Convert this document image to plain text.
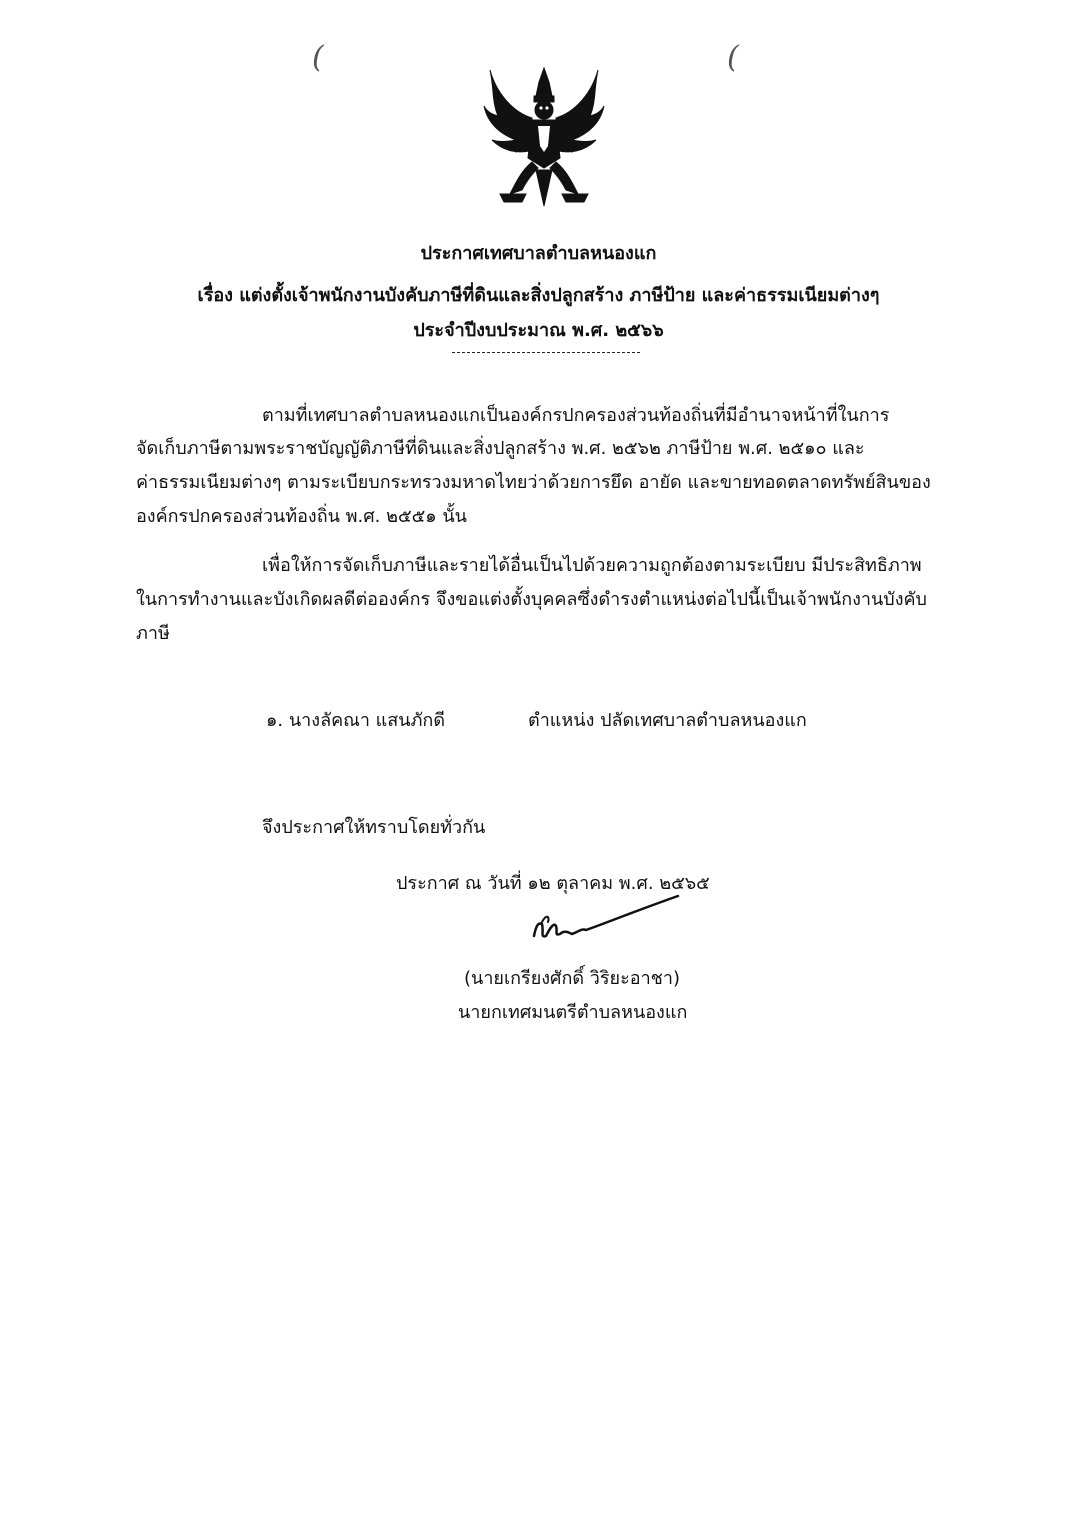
(	(
ประกาศเทศบาลตำบลหนองแก
เรื่อง แต่งตั้งเจ้าพนักงานบังคับภาษีที่ดินและสิ่งปลูกสร้าง ภาษีป้าย และค่าธรรมเนียมต่างๆ
ประจำปีงบประมาณ พ.ศ. ๒๕๖๖
ตามที่เทศบาลตำบลหนองแกเป็นองค์กรปกครองส่วนท้องถิ่นที่มีอำนาจหน้าที่ในการ
จัดเก็บภาษีตามพระราชบัญญัติภาษีที่ดินและสิ่งปลูกสร้าง พ.ศ. ๒๕๖๒ ภาษีป้าย พ.ศ. ๒๕๑๐ และ
ค่าธรรมเนียมต่างๆ ตามระเบียบกระทรวงมหาดไทยว่าด้วยการยึด อายัด และขายทอดตลาดทรัพย์สินของ
องค์กรปกครองส่วนท้องถิ่น พ.ศ. ๒๕๕๑ นั้น
เพื่อให้การจัดเก็บภาษีและรายได้อื่นเป็นไปด้วยความถูกต้องตามระเบียบ มีประสิทธิภาพ
ในการทำงานและบังเกิดผลดีต่อองค์กร จึงขอแต่งตั้งบุคคลซึ่งดำรงตำแหน่งต่อไปนี้เป็นเจ้าพนักงานบังคับ
ภาษี
๑. นางลัคณา แสนภักดี	ตำแหน่ง ปลัดเทศบาลตำบลหนองแก
จึงประกาศให้ทราบโดยทั่วกัน
ประกาศ ณ วันที่ ๑๒ ตุลาคม พ.ศ. ๒๕๖๕
(นายเกรียงศักดิ์ วิริยะอาชา)
นายกเทศมนตรีตำบลหนองแก
